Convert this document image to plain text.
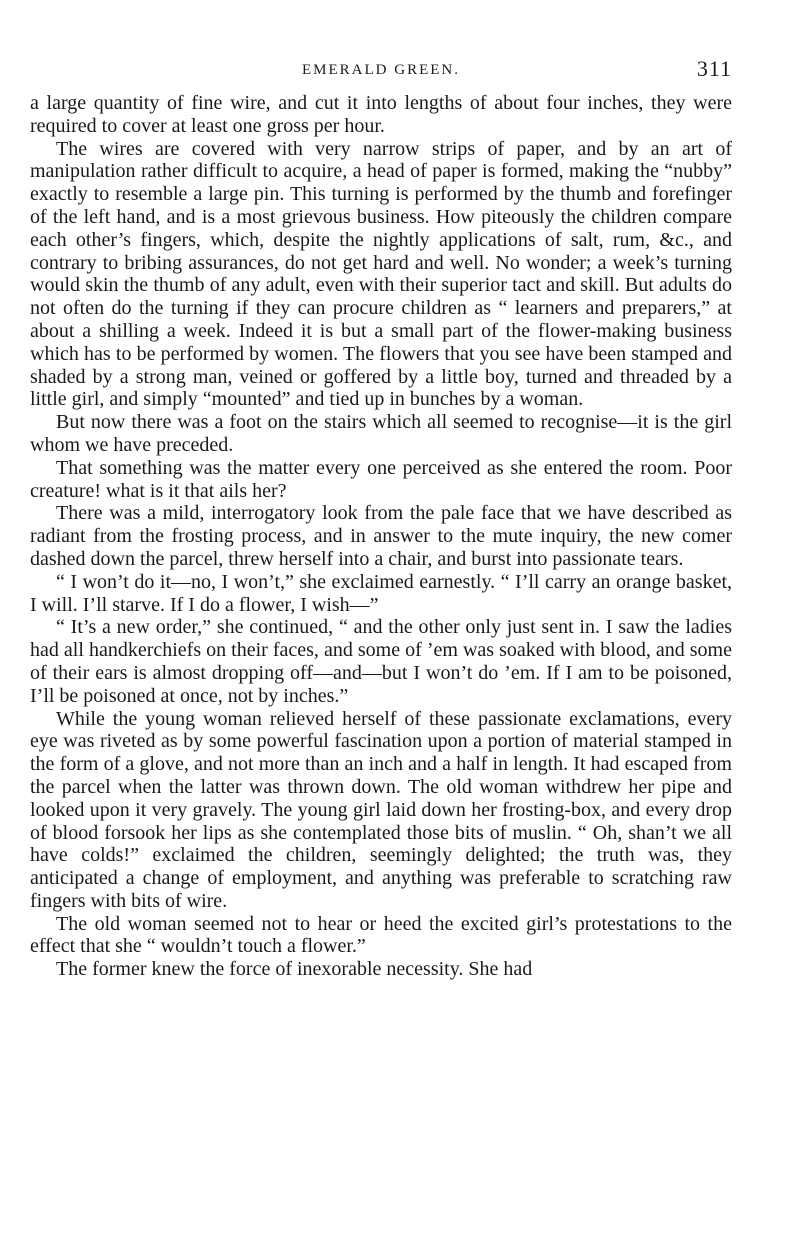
EMERALD GREEN.	311

a large quantity of fine wire, and cut it into lengths of about four inches, they were required to cover at least one gross per hour.

The wires are covered with very narrow strips of paper, and by an art of manipulation rather difficult to acquire, a head of paper is formed, making the “nubby” exactly to resemble a large pin. This turning is performed by the thumb and forefinger of the left hand, and is a most grievous business. How piteously the children compare each other’s fingers, which, despite the nightly applications of salt, rum, &c., and contrary to bribing assurances, do not get hard and well. No wonder; a week’s turning would skin the thumb of any adult, even with their superior tact and skill. But adults do not often do the turning if they can procure children as “ learners and preparers,” at about a shilling a week. Indeed it is but a small part of the flower-making business which has to be performed by women. The flowers that you see have been stamped and shaded by a strong man, veined or goffered by a little boy, turned and threaded by a little girl, and simply “mounted” and tied up in bunches by a woman.

But now there was a foot on the stairs which all seemed to recognise—it is the girl whom we have preceded.

That something was the matter every one perceived as she entered the room. Poor creature! what is it that ails her?

There was a mild, interrogatory look from the pale face that we have described as radiant from the frosting process, and in answer to the mute inquiry, the new comer dashed down the parcel, threw herself into a chair, and burst into passionate tears.

“ I won’t do it—no, I won’t,” she exclaimed earnestly. “ I’ll carry an orange basket, I will. I’ll starve. If I do a flower, I wish—”

“ It’s a new order,” she continued, “ and the other only just sent in. I saw the ladies had all handkerchiefs on their faces, and some of ’em was soaked with blood, and some of their ears is almost dropping off—and—but I won’t do ’em. If I am to be poisoned, I’ll be poisoned at once, not by inches.”

While the young woman relieved herself of these passionate exclamations, every eye was riveted as by some powerful fascination upon a portion of material stamped in the form of a glove, and not more than an inch and a half in length. It had escaped from the parcel when the latter was thrown down. The old woman withdrew her pipe and looked upon it very gravely. The young girl laid down her frosting-box, and every drop of blood forsook her lips as she contemplated those bits of muslin. “ Oh, shan’t we all have colds!” exclaimed the children, seemingly delighted; the truth was, they anticipated a change of employment, and anything was preferable to scratching raw fingers with bits of wire.

The old woman seemed not to hear or heed the excited girl’s protestations to the effect that she “ wouldn’t touch a flower.”

The former knew the force of inexorable necessity. She had
